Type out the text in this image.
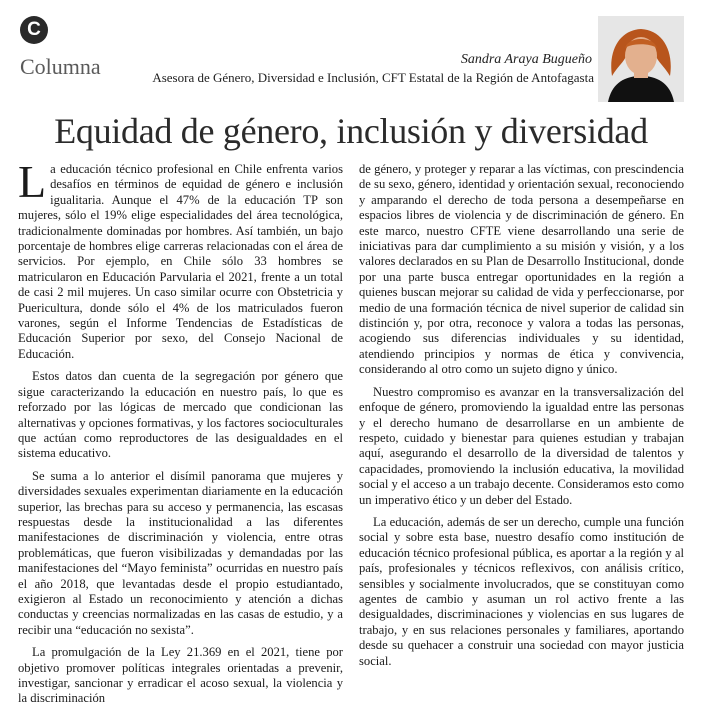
C
Columna	Sandra Araya Bugueño
Asesora de Género, Diversidad e Inclusión, CFT Estatal de la Región de Antofagasta
Equidad de género, inclusión y diversidad

La educación técnico profesional en Chile enfrenta varios desafíos en términos de equidad de género e inclusión igualitaria. Aunque el 47% de la educación TP son mujeres, sólo el 19% elige especialidades del área tecnológica, tradicionalmente dominadas por hombres. Así también, un bajo porcentaje de hombres elige carreras relacionadas con el área de servicios. Por ejemplo, en Chile sólo 33 hombres se matricularon en Educación Parvularia el 2021, frente a un total de casi 2 mil mujeres. Un caso similar ocurre con Obstetricia y Puericultura, donde sólo el 4% de los matriculados fueron varones, según el Informe Tendencias de Estadísticas de Educación Superior por sexo, del Consejo Nacional de Educación.

Estos datos dan cuenta de la segregación por género que sigue caracterizando la educación en nuestro país, lo que es reforzado por las lógicas de mercado que condicionan las alternativas y opciones formativas, y los factores socioculturales que actúan como reproductores de las desigualdades en el sistema educativo.

Se suma a lo anterior el disímil panorama que mujeres y diversidades sexuales experimentan diariamente en la educación superior, las brechas para su acceso y permanencia, las escasas respuestas desde la institucionalidad a las diferentes manifestaciones de discriminación y violencia, entre otras problemáticas, que fueron visibilizadas y demandadas por las manifestaciones del “Mayo feminista” ocurridas en nuestro país el año 2018, que levantadas desde el propio estudiantado, exigieron al Estado un reconocimiento y atención a dichas conductas y creencias normalizadas en las casas de estudio, y a recibir una “educación no sexista”.

La promulgación de la Ley 21.369 en el 2021, tiene por objetivo promover políticas integrales orientadas a prevenir, investigar, sancionar y erradicar el acoso sexual, la violencia y la discriminación

de género, y proteger y reparar a las víctimas, con prescindencia de su sexo, género, identidad y orientación sexual, reconociendo y amparando el derecho de toda persona a desempeñarse en espacios libres de violencia y de discriminación de género. En este marco, nuestro CFTE viene desarrollando una serie de iniciativas para dar cumplimiento a su misión y visión, y a los valores declarados en su Plan de Desarrollo Institucional, donde por una parte busca entregar oportunidades en la región a quienes buscan mejorar su calidad de vida y perfeccionarse, por medio de una formación técnica de nivel superior de calidad sin distinción y, por otra, reconoce y valora a todas las personas, acogiendo sus diferencias individuales y su identidad, atendiendo principios y normas de ética y convivencia, considerando al otro como un sujeto digno y único.

Nuestro compromiso es avanzar en la transversalización del enfoque de género, promoviendo la igualdad entre las personas y el derecho humano de desarrollarse en un ambiente de respeto, cuidado y bienestar para quienes estudian y trabajan aquí, asegurando el desarrollo de la diversidad de talentos y capacidades, promoviendo la inclusión educativa, la movilidad social y el acceso a un trabajo decente. Consideramos esto como un imperativo ético y un deber del Estado.

La educación, además de ser un derecho, cumple una función social y sobre esta base, nuestro desafío como institución de educación técnico profesional pública, es aportar a la región y al país, profesionales y técnicos reflexivos, con análisis crítico, sensibles y socialmente involucrados, que se constituyan como agentes de cambio y asuman un rol activo frente a las desigualdades, discriminaciones y violencias en sus lugares de trabajo, y en sus relaciones personales y familiares, aportando desde su quehacer a construir una sociedad con mayor justicia social.
